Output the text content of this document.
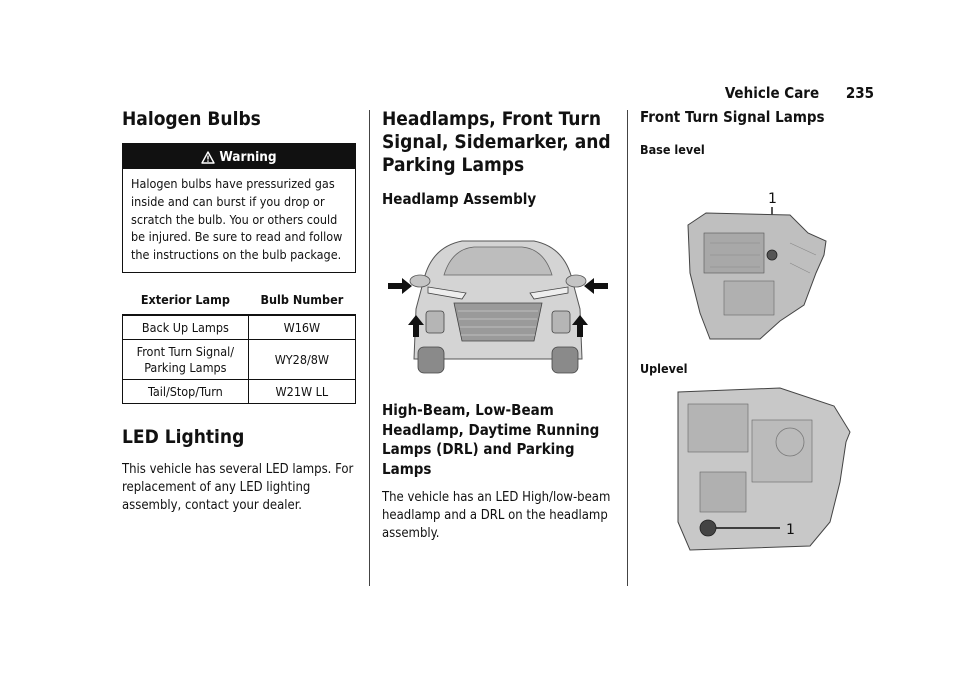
Vehicle Care 235
Halogen Bulbs
Warning

Halogen bulbs have pressurized gas inside and can burst if you drop or scratch the bulb. You or others could be injured. Be sure to read and follow the instructions on the bulb package.

Exterior Lamp	Bulb Number
Back Up Lamps	W16W
Front Turn Signal/
Parking Lamps	WY28/8W
Tail/Stop/Turn	W21W LL
LED Lighting

This vehicle has several LED lamps. For replacement of any LED lighting assembly, contact your dealer.

Headlamps, Front Turn Signal, Sidemarker, and Parking Lamps
Headlamp Assembly
High-Beam, Low-Beam Headlamp, Daytime Running Lamps (DRL) and Parking Lamps

The vehicle has an LED High/low-beam headlamp and a DRL on the headlamp assembly.

Front Turn Signal Lamps
Base level
1
Uplevel
1
